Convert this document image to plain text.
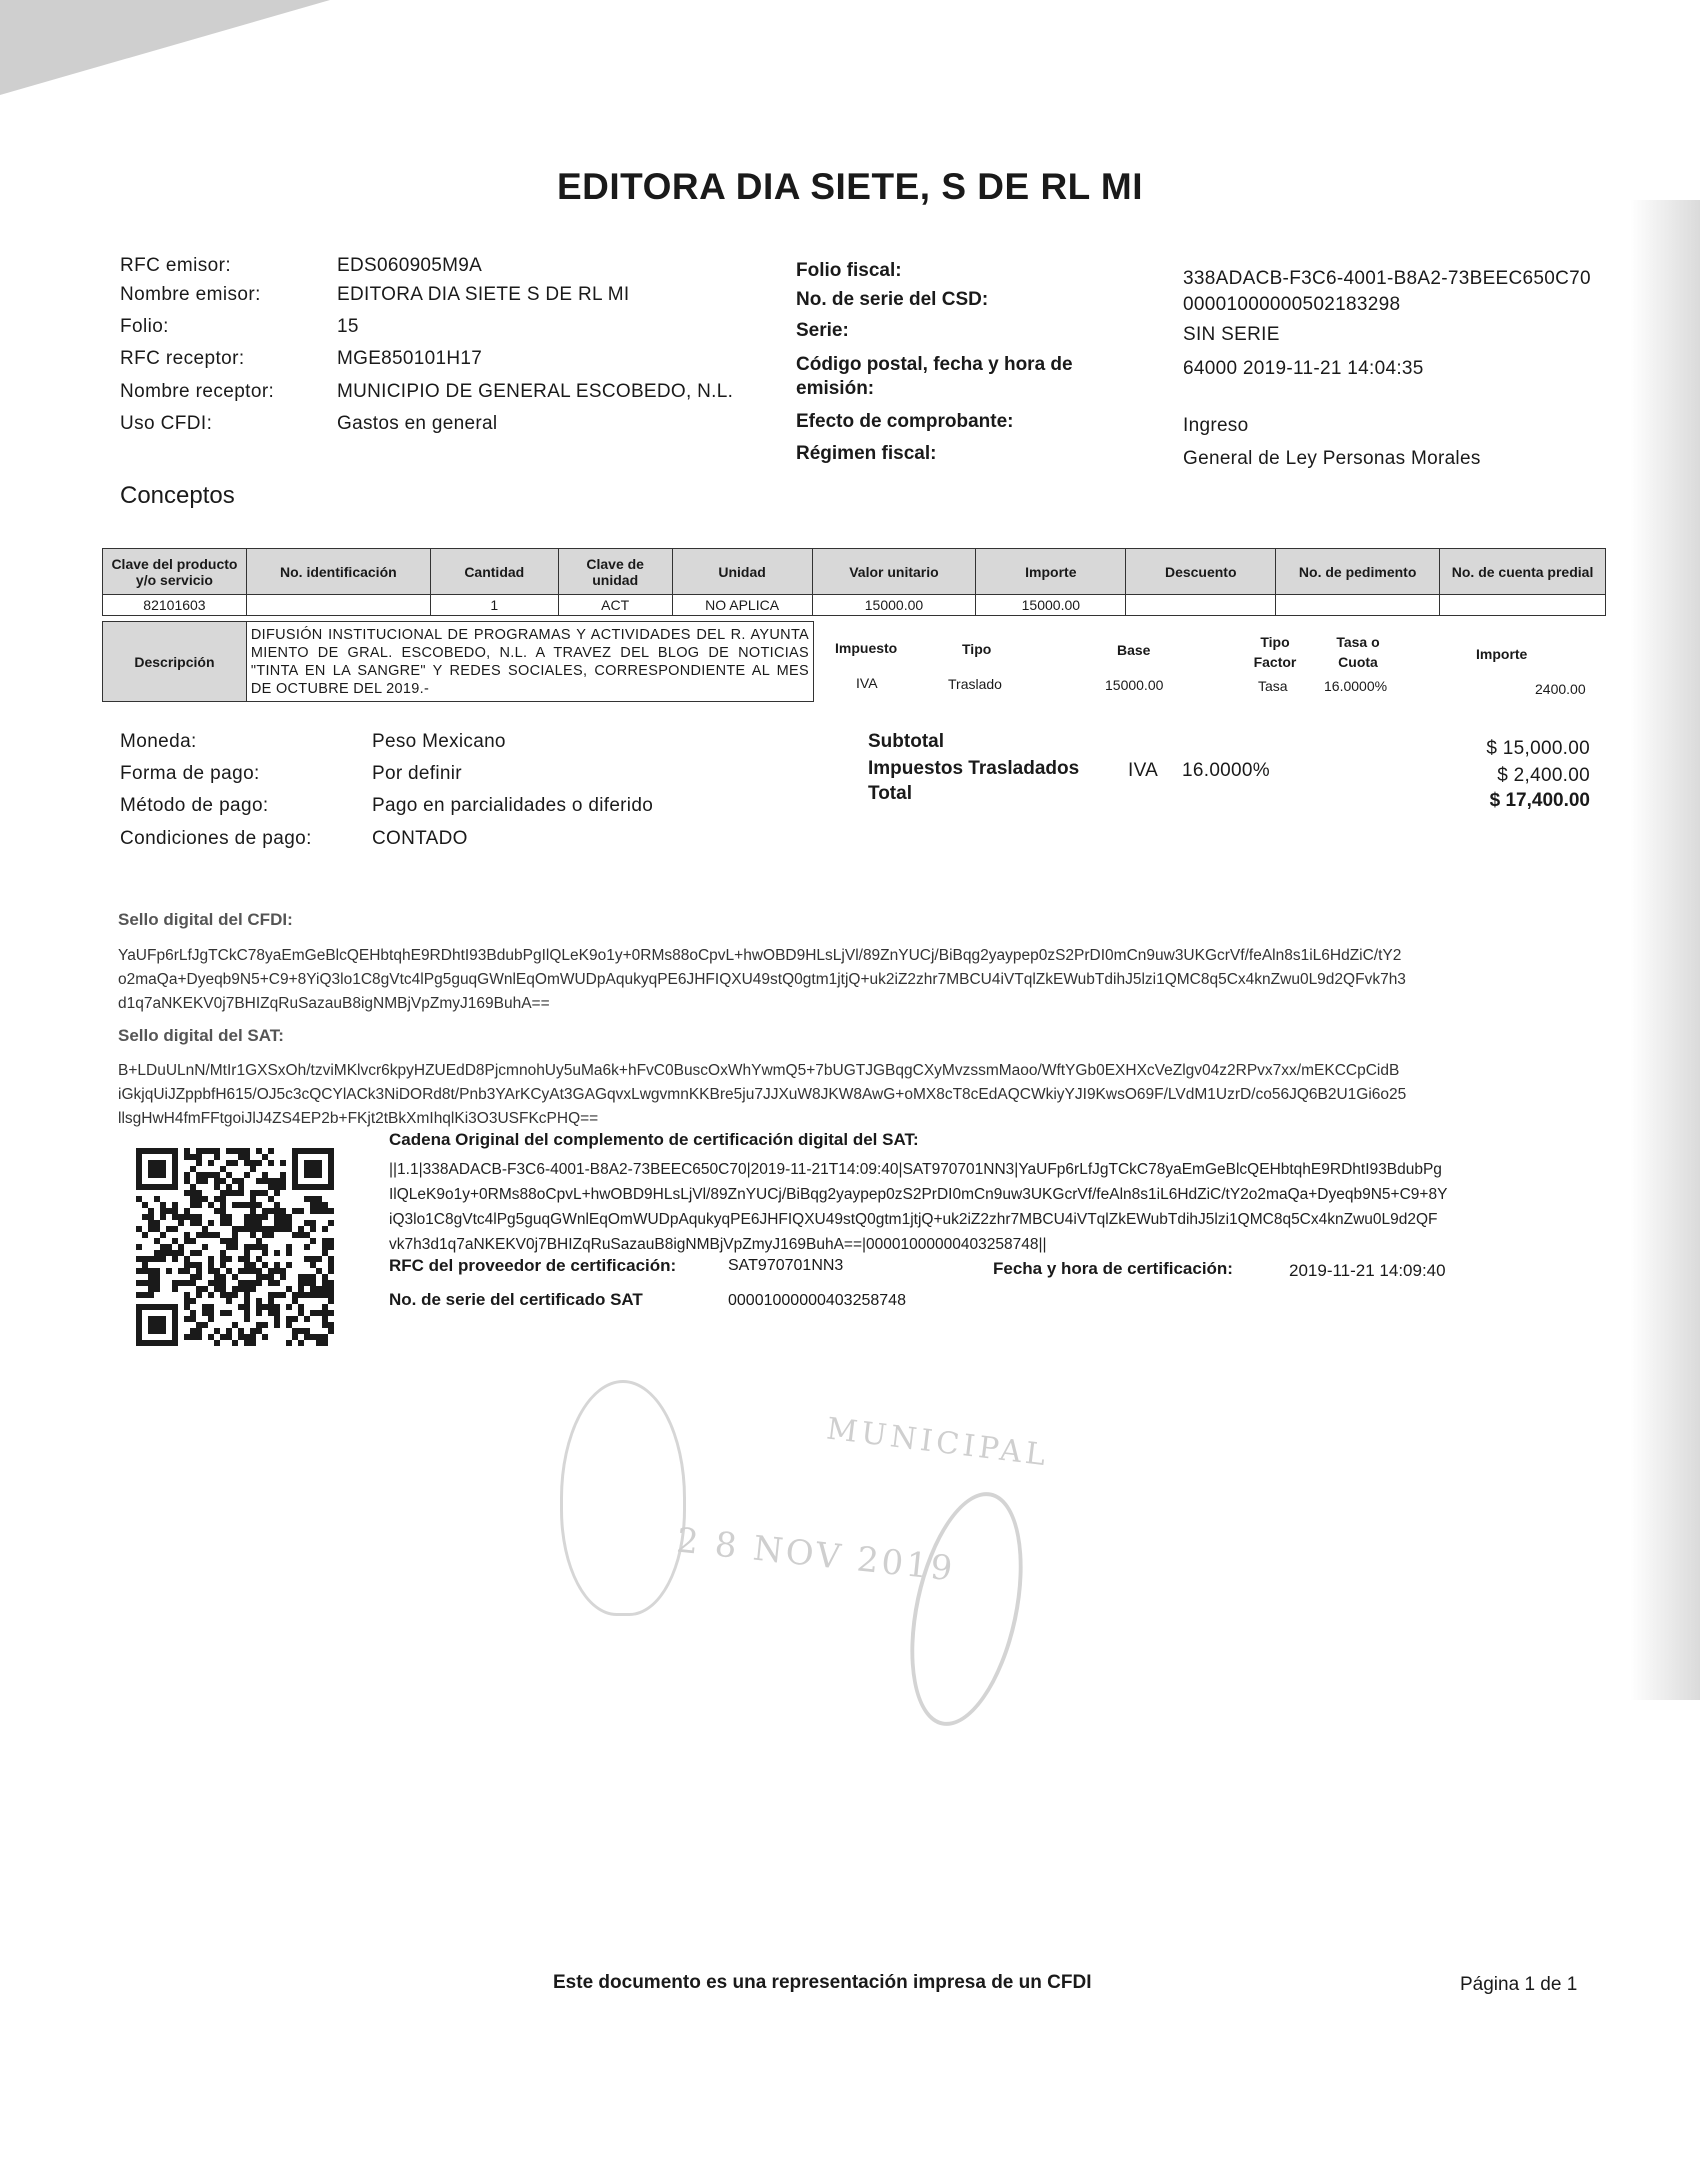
EDITORA DIA SIETE, S DE RL MI
RFC emisor:	EDS060905M9A
Nombre emisor:	EDITORA DIA SIETE S DE RL MI
Folio:	15
RFC receptor:	MGE850101H17
Nombre receptor:	MUNICIPIO DE GENERAL ESCOBEDO, N.L.
Uso CFDI:	Gastos en general
Folio fiscal:	338ADACB-F3C6-4001-B8A2-73BEEC650C70
No. de serie del CSD:	00001000000502183298
Serie:	SIN SERIE
Código postal, fecha y hora de
emisión:
64000 2019-11-21 14:04:35
Efecto de comprobante:	Ingreso
Régimen fiscal:	General de Ley Personas Morales
Conceptos
Clave del producto y/o servicio	No. identificación	Cantidad	Clave de unidad	Unidad	Valor unitario	Importe	Descuento	No. de pedimento	No. de cuenta predial
82101603		1	ACT	NO APLICA	15000.00	15000.00			
Descripción	DIFUSIÓN INSTITUCIONAL DE PROGRAMAS Y ACTIVIDADES DEL R. AYUNTA MIENTO DE GRAL. ESCOBEDO, N.L. A TRAVEZ DEL BLOG DE NOTICIAS "TINTA EN LA SANGRE" Y REDES SOCIALES, CORRESPONDIENTE AL MES DE OCTUBRE DEL 2019.-
Impuesto	Tipo	Base	Tipo Factor
Tasa o Cuota	Importe
IVA	Traslado	15000.00	Tasa	16.0000%	2400.00
Moneda:	Peso Mexicano
Forma de pago:	Por definir
Método de pago:	Pago en parcialidades o diferido
Condiciones de pago:	CONTADO
Subtotal	$ 15,000.00
Impuestos Trasladados	IVA 16.0000%	$ 2,400.00
Total	$ 17,400.00
Sello digital del CFDI:
YaUFp6rLfJgTCkC78yaEmGeBlcQEHbtqhE9RDhtI93BdubPgIlQLeK9o1y+0RMs88oCpvL+hwOBD9HLsLjVl/89ZnYUCj/BiBqg2yaypep0zS2PrDI0mCn9uw3UKGcrVf/feAln8s1iL6HdZiC/tY2
o2maQa+Dyeqb9N5+C9+8YiQ3lo1C8gVtc4lPg5guqGWnlEqOmWUDpAqukyqPE6JHFIQXU49stQ0gtm1jtjQ+uk2iZ2zhr7MBCU4iVTqlZkEWubTdihJ5lzi1QMC8q5Cx4knZwu0L9d2QFvk7h3
d1q7aNKEKV0j7BHIZqRuSazauB8igNMBjVpZmyJ169BuhA==
Sello digital del SAT:
B+LDuULnN/MtIr1GXSxOh/tzviMKlvcr6kpyHZUEdD8PjcmnohUy5uMa6k+hFvC0BuscOxWhYwmQ5+7bUGTJGBqgCXyMvzssmMaoo/WftYGb0EXHXcVeZlgv04z2RPvx7xx/mEKCCpCidB
iGkjqUiJZppbfH615/OJ5c3cQCYlACk3NiDORd8t/Pnb3YArKCyAt3GAGqvxLwgvmnKKBre5ju7JJXuW8JKW8AwG+oMX8cT8cEdAQCWkiyYJI9KwsO69F/LVdM1UzrD/co56JQ6B2U1Gi6o25
llsgHwH4fmFFtgoiJlJ4ZS4EP2b+FKjt2tBkXmIhqlKi3O3USFKcPHQ==
Cadena Original del complemento de certificación digital del SAT:
||1.1|338ADACB-F3C6-4001-B8A2-73BEEC650C70|2019-11-21T14:09:40|SAT970701NN3|YaUFp6rLfJgTCkC78yaEmGeBlcQEHbtqhE9RDhtI93BdubPg
IlQLeK9o1y+0RMs88oCpvL+hwOBD9HLsLjVl/89ZnYUCj/BiBqg2yaypep0zS2PrDI0mCn9uw3UKGcrVf/feAln8s1iL6HdZiC/tY2o2maQa+Dyeqb9N5+C9+8Y
iQ3lo1C8gVtc4lPg5guqGWnlEqOmWUDpAqukyqPE6JHFIQXU49stQ0gtm1jtjQ+uk2iZ2zhr7MBCU4iVTqlZkEWubTdihJ5lzi1QMC8q5Cx4knZwu0L9d2QF
vk7h3d1q7aNKEKV0j7BHIZqRuSazauB8igNMBjVpZmyJ169BuhA==|00001000000403258748||
RFC del proveedor de certificación:	SAT970701NN3	Fecha y hora de certificación:	2019-11-21 14:09:40
No. de serie del certificado SAT	00001000000403258748
MUNICIPAL
2 8 NOV 2019
Este documento es una representación impresa de un CFDI	Página 1 de 1
